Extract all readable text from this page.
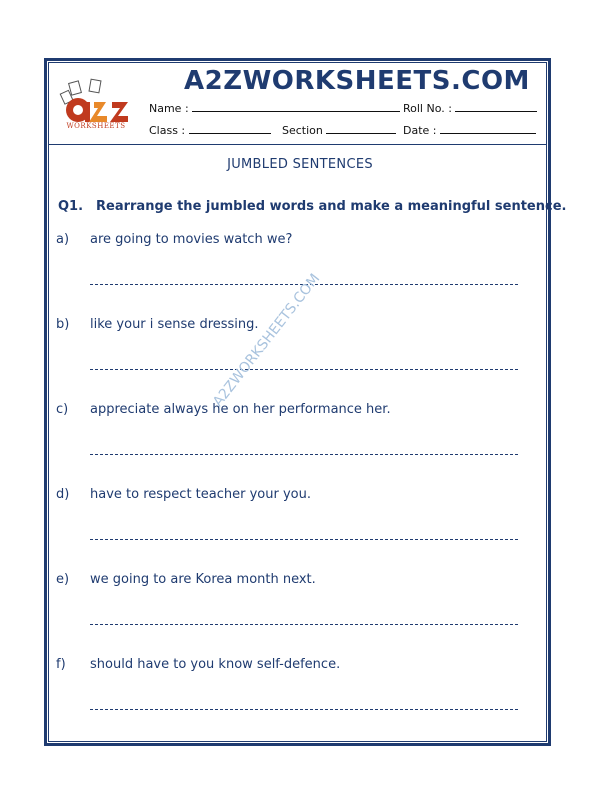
WORKSHEETS
A2ZWORKSHEETS.COM
Name :	Roll No. :
Class :	Section	Date :
JUMBLED SENTENCES
Q1. Rearrange the jumbled words and make a meaningful sentence.
a) are going to movies watch we?
b) like your i sense dressing.
c) appreciate always he on her performance her.
d) have to respect teacher your you.
e) we going to are Korea month next.
f) should have to you know self-defence.
A2ZWORKSHEETS.COM
